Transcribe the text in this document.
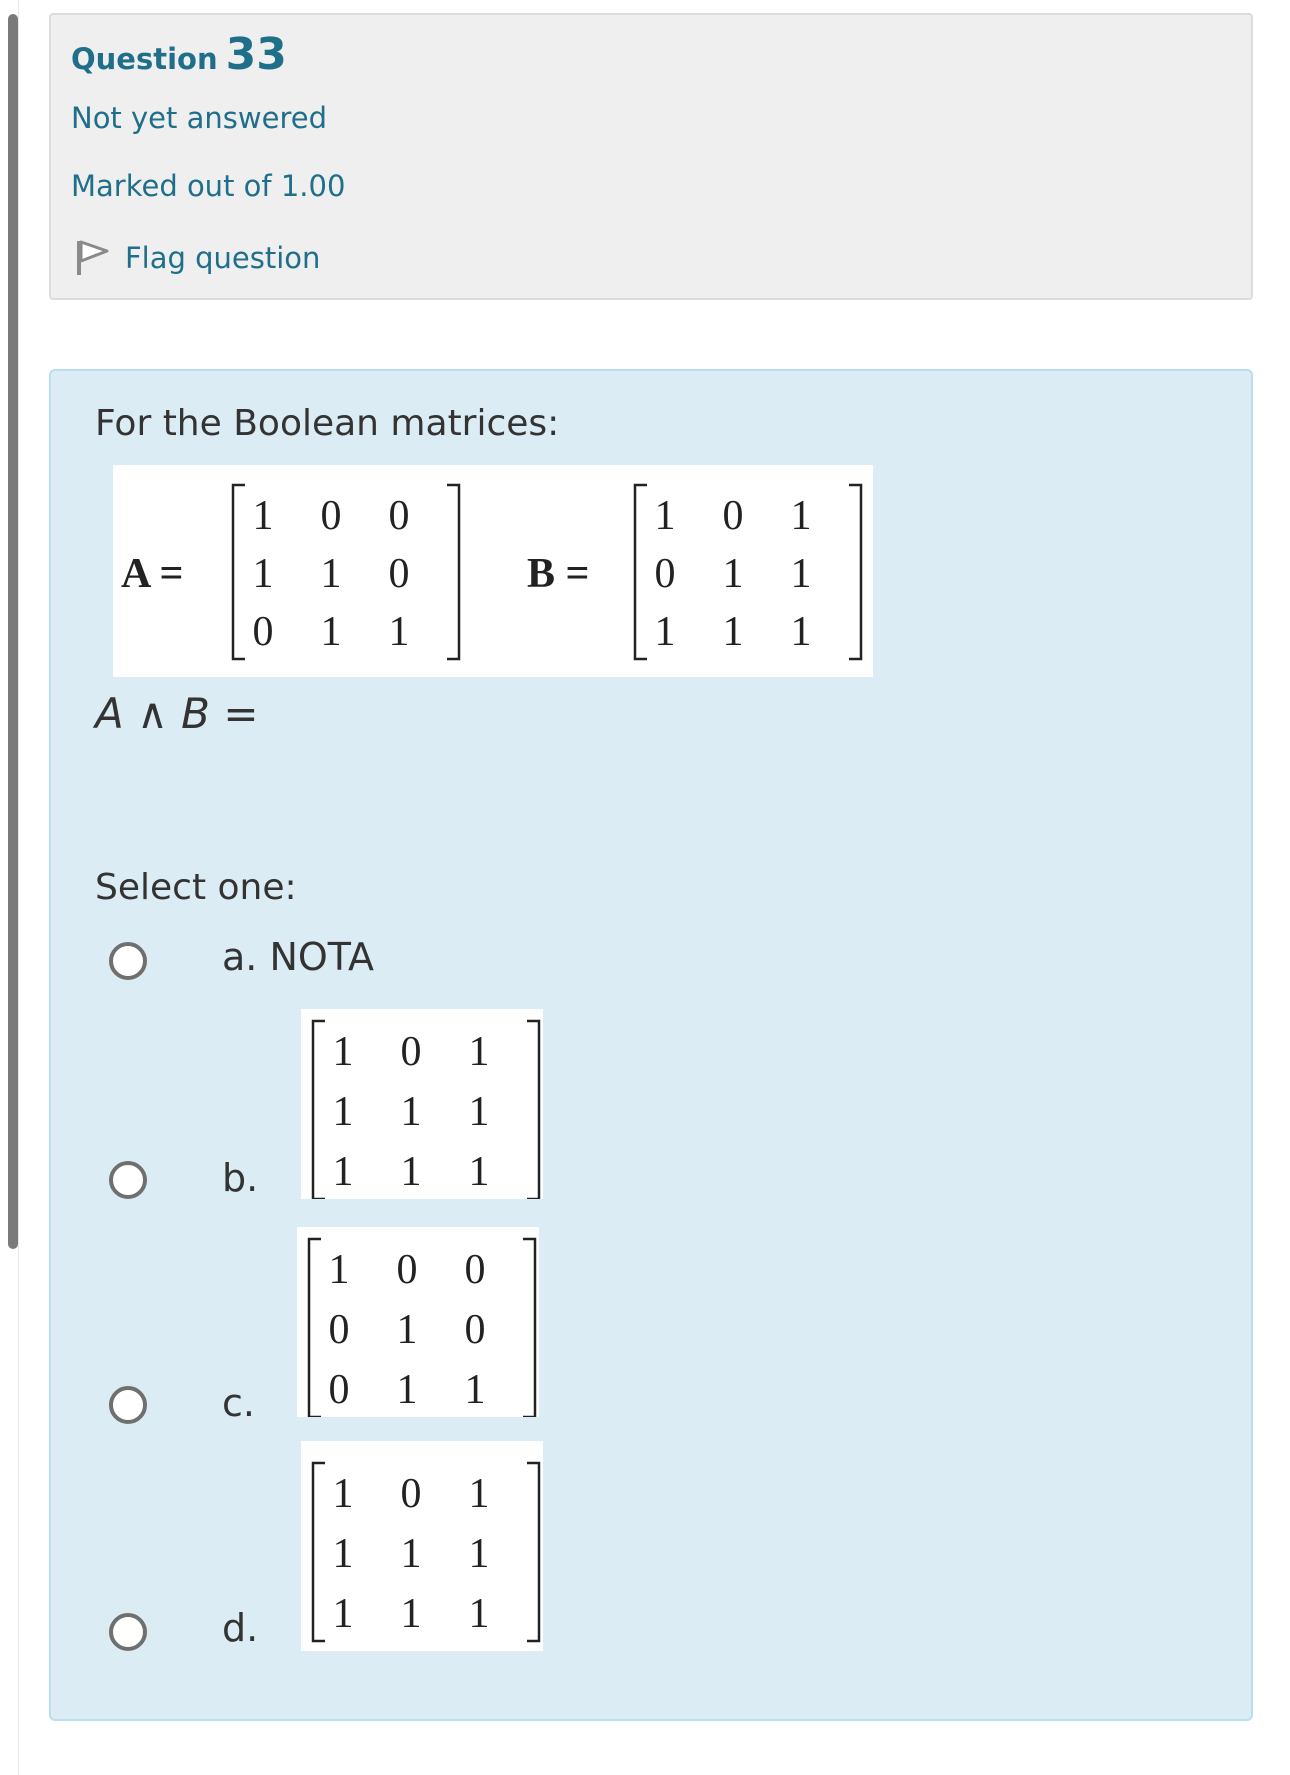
Question 33
Not yet answered
Marked out of 1.00
Flag question
For the Boolean matrices:
A =
1 0 0
1 1 0
0 1 1
B =
1 0 1
0 1 1
1 1 1
A ∧ B =
Select one:
a. NOTA
1 0 1
1 1 1
1 1 1
b.
1 0 0
0 1 0
0 1 1
c.
1 0 1
1 1 1
1 1 1
d.
